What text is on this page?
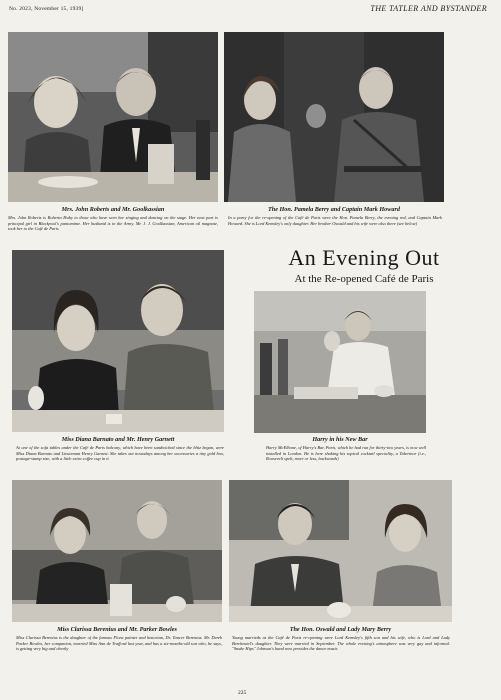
No. 2023, November 15, 1939]	THE TATLER AND BYSTANDER
Mrs. John Roberts and Mr. Goolkassian
Mrs. John Roberts is Roberta Huby to those who have seen her singing and dancing on the stage. Her next part is principal girl in Blackpool's pantomime. Her husband is in the Army. Mr. J. J. Goolkassian, American oil magnate, took her to the Café de Paris
The Hon. Pamela Berry and Captain Mark Howard
In a party for the re-opening of the Café de Paris were the Hon. Pamela Berry, the evening red, and Captain Mark Howard. She is Lord Kemsley's only daughter. Her brother Oswald and his wife were also there (see below)
Miss Diana Barnato and Mr. Henry Garnett
At one of the sofa tables under the Café de Paris balcony, which have been sandwiched since the blitz began, were Miss Diana Barnato and Lieutenant Henry Garnett. She takes out nowadays among her accessories a tiny gold box, postage-stamp size, with a little extra coffee cup in it
An Evening Out
At the Re-opened Café de Paris
Harry in his New Bar
Harry McElhone, of Harry's Bar, Paris, which he had run for thirty-two years, is now well installed in London. He is here shaking his topical cocktail speciality, a Tekerinor (i.e., Roosevelt spelt, more or less, backwards)
Miss Clarissa Berenius and Mr. Parker Bowles
Miss Clarissa Berenius is the daughter of the famous Flora painter and historian, Dr. Tancer Berenius. Mr. Derek Parker Bowles, her companion, married Miss Ann de Trafford last year, and has a six-months-old son who, he says, is getting very big and cheeky
The Hon. Oswald and Lady Mary Berry
Young marrieds at the Café de Paris re-opening were Lord Kemsley's fifth son and his wife, who is Lord and Lady Bercheatel's daughter. They were married in September. The whole evening's atmosphere was very gay and informal. "Snake Hips" Johnson's band now provides the dance music
225
